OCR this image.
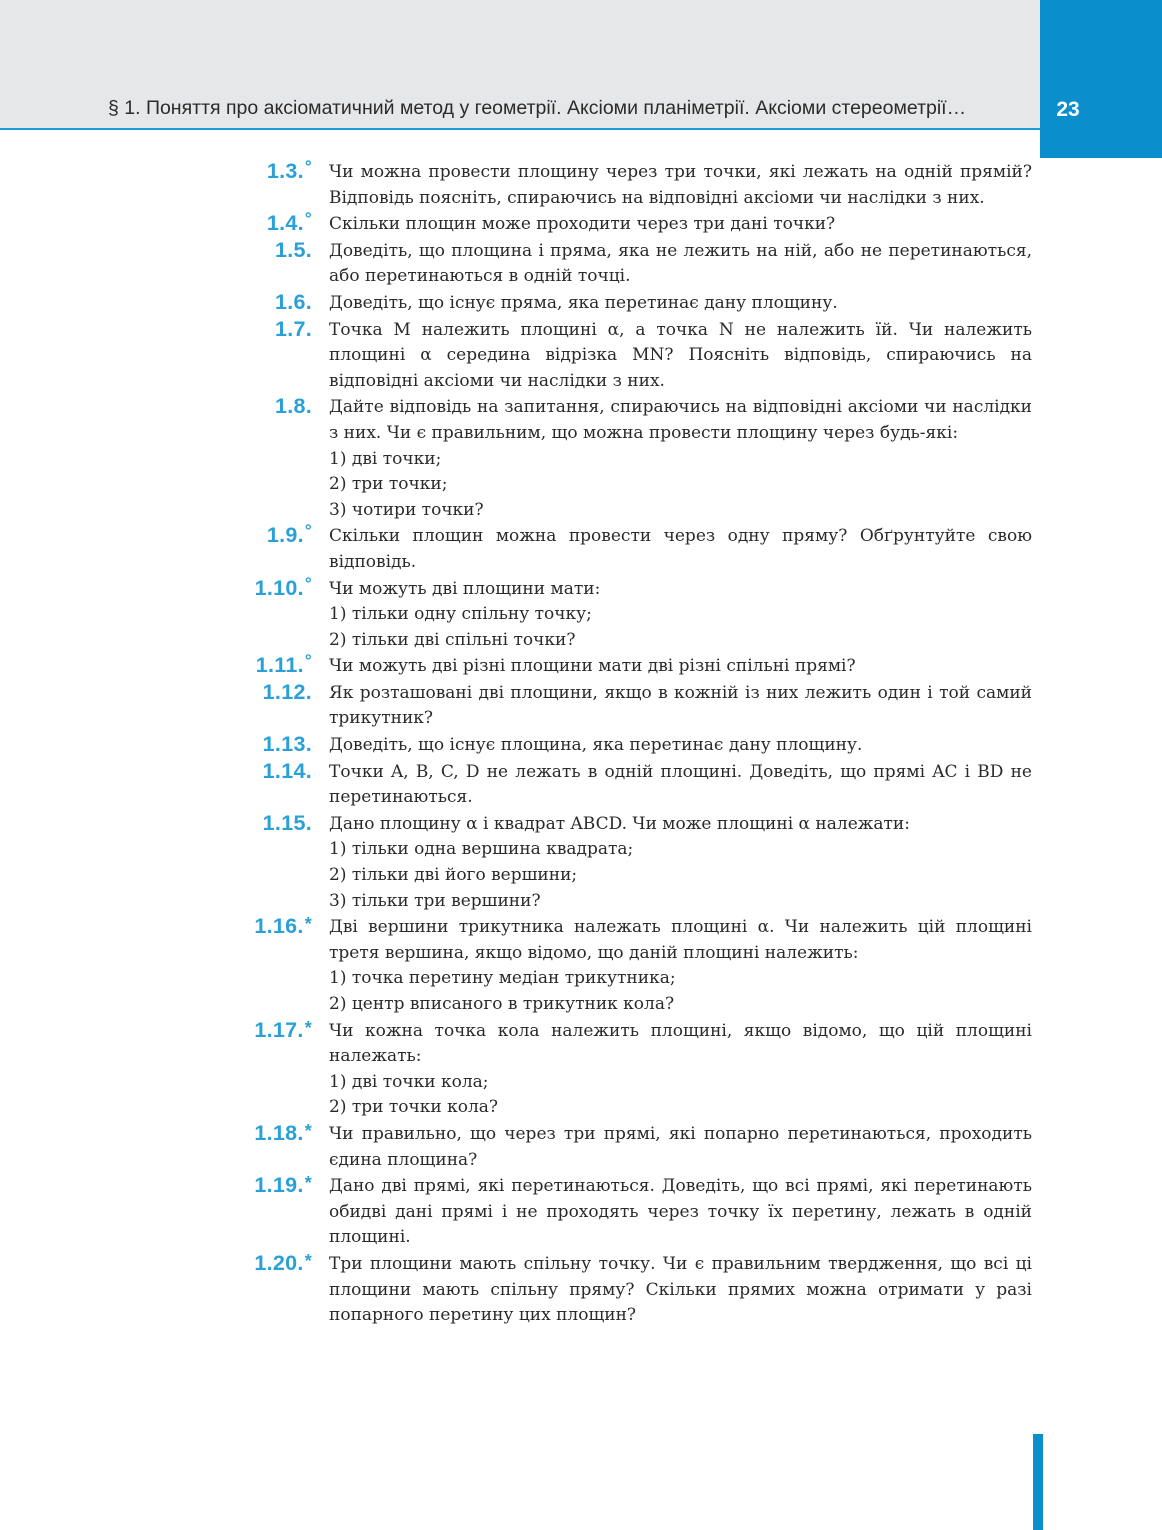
§ 1. Поняття про аксіоматичний метод у геометрії. Аксіоми планіметрії. Аксіоми стереометрії…	23
1.3.° Чи можна провести площину через три точки, які лежать на одній прямій? Відповідь поясніть, спираючись на відповідні аксіоми чи наслідки з них.
1.4.° Скільки площин може проходити через три дані точки?
1.5. Доведіть, що площина і пряма, яка не лежить на ній, або не перетинаються, або перетинаються в одній точці.
1.6. Доведіть, що існує пряма, яка перетинає дану площину.
1.7. Точка M належить площині α, а точка N не належить їй. Чи належить площині α середина відрізка MN? Поясніть відповідь, спираючись на відповідні аксіоми чи наслідки з них.
1.8. Дайте відповідь на запитання, спираючись на відповідні аксіоми чи наслідки з них. Чи є правильним, що можна провести площину через будь-які:
1) дві точки;
2) три точки;
3) чотири точки?
1.9.° Скільки площин можна провести через одну пряму? Обґрунтуйте свою відповідь.
1.10.° Чи можуть дві площини мати:
1) тільки одну спільну точку;
2) тільки дві спільні точки?
1.11.° Чи можуть дві різні площини мати дві різні спільні прямі?
1.12. Як розташовані дві площини, якщо в кожній із них лежить один і той самий трикутник?
1.13. Доведіть, що існує площина, яка перетинає дану площину.
1.14. Точки A, B, C, D не лежать в одній площині. Доведіть, що прямі AC і BD не перетинаються.
1.15. Дано площину α і квадрат ABCD. Чи може площині α належати:
1) тільки одна вершина квадрата;
2) тільки дві його вершини;
3) тільки три вершини?
1.16.* Дві вершини трикутника належать площині α. Чи належить цій площині третя вершина, якщо відомо, що даній площині належить:
1) точка перетину медіан трикутника;
2) центр вписаного в трикутник кола?
1.17.* Чи кожна точка кола належить площині, якщо відомо, що цій площині належать:
1) дві точки кола;
2) три точки кола?
1.18.* Чи правильно, що через три прямі, які попарно перетинаються, проходить єдина площина?
1.19.* Дано дві прямі, які перетинаються. Доведіть, що всі прямі, які перетинають обидві дані прямі і не проходять через точку їх перетину, лежать в одній площині.
1.20.* Три площини мають спільну точку. Чи є правильним твердження, що всі ці площини мають спільну пряму? Скільки прямих можна отримати у разі попарного перетину цих площин?
